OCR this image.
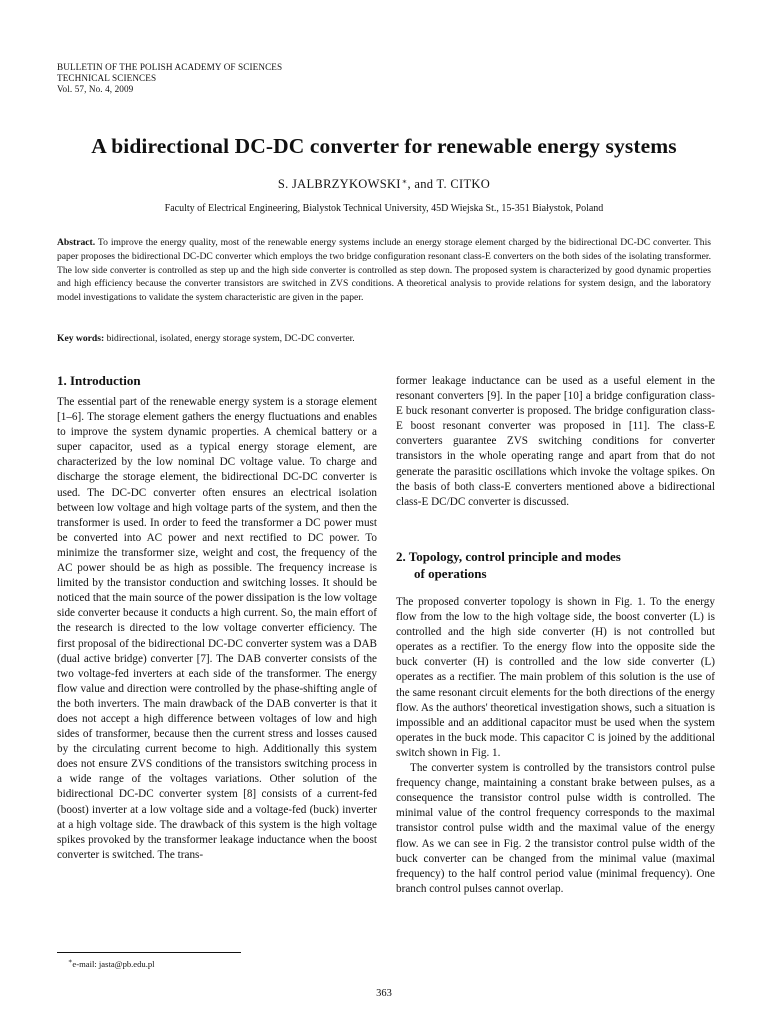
BULLETIN OF THE POLISH ACADEMY OF SCIENCES
TECHNICAL SCIENCES
Vol. 57, No. 4, 2009
A bidirectional DC-DC converter for renewable energy systems
S. JALBRZYKOWSKI∗, and T. CITKO
Faculty of Electrical Engineering, Bialystok Technical University, 45D Wiejska St., 15-351 Białystok, Poland
Abstract. To improve the energy quality, most of the renewable energy systems include an energy storage element charged by the bidirectional DC-DC converter. This paper proposes the bidirectional DC-DC converter which employs the two bridge configuration resonant class-E converters on the both sides of the isolating transformer. The low side converter is controlled as step up and the high side converter is controlled as step down. The proposed system is characterized by good dynamic properties and high efficiency because the converter transistors are switched in ZVS conditions. A theoretical analysis to provide relations for system design, and the laboratory model investigations to validate the system characteristic are given in the paper.
Key words: bidirectional, isolated, energy storage system, DC-DC converter.
1. Introduction

The essential part of the renewable energy system is a storage element [1–6]. The storage element gathers the energy fluctuations and enables to improve the system dynamic properties. A chemical battery or a super capacitor, used as a typical energy storage element, are characterized by the low nominal DC voltage value. To charge and discharge the storage element, the bidirectional DC-DC converter is used. The DC-DC converter often ensures an electrical isolation between low voltage and high voltage parts of the system, and then the transformer is used. In order to feed the transformer a DC power must be converted into AC power and next rectified to DC power. To minimize the transformer size, weight and cost, the frequency of the AC power should be as high as possible. The frequency increase is limited by the transistor conduction and switching losses. It should be noticed that the main source of the power dissipation is the low voltage side converter because it conducts a high current. So, the main effort of the research is directed to the low voltage converter efficiency. The first proposal of the bidirectional DC-DC converter system was a DAB (dual active bridge) converter [7]. The DAB converter consists of the two voltage-fed inverters at each side of the transformer. The energy flow value and direction were controlled by the phase-shifting angle of the both inverters. The main drawback of the DAB converter is that it does not accept a high difference between voltages of low and high sides of transformer, because then the current stress and losses caused by the circulating current become to high. Additionally this system does not ensure ZVS conditions of the transistors switching process in a wide range of the voltages variations. Other solution of the bidirectional DC-DC converter system [8] consists of a current-fed (boost) inverter at a low voltage side and a voltage-fed (buck) inverter at a high voltage side. The drawback of this system is the high voltage spikes provoked by the transformer leakage inductance when the boost converter is switched. The trans-

former leakage inductance can be used as a useful element in the resonant converters [9]. In the paper [10] a bridge configuration class-E buck resonant converter is proposed. The bridge configuration class-E boost resonant converter was proposed in [11]. The class-E converters guarantee ZVS switching conditions for converter transistors in the whole operating range and apart from that do not generate the parasitic oscillations which invoke the voltage spikes. On the basis of both class-E converters mentioned above a bidirectional class-E DC/DC converter is discussed.

2. Topology, control principle and modes
of operations

The proposed converter topology is shown in Fig. 1. To the energy flow from the low to the high voltage side, the boost converter (L) is controlled and the high side converter (H) is not controlled but operates as a rectifier. To the energy flow into the opposite side the buck converter (H) is controlled and the low side converter (L) operates as a rectifier. The main problem of this solution is the use of the same resonant circuit elements for the both directions of the energy flow. As the authors' theoretical investigation shows, such a situation is impossible and an additional capacitor must be used when the system operates in the buck mode. This capacitor C is joined by the additional switch shown in Fig. 1.

The converter system is controlled by the transistors control pulse frequency change, maintaining a constant brake between pulses, as a consequence the transistor control pulse width is controlled. The minimal value of the control frequency corresponds to the maximal transistor control pulse width and the maximal value of the energy flow. As we can see in Fig. 2 the transistor control pulse width of the buck converter can be changed from the minimal value (maximal frequency) to the half control period value (minimal frequency). One branch control pulses cannot overlap.

∗e-mail: jasta@pb.edu.pl
363
